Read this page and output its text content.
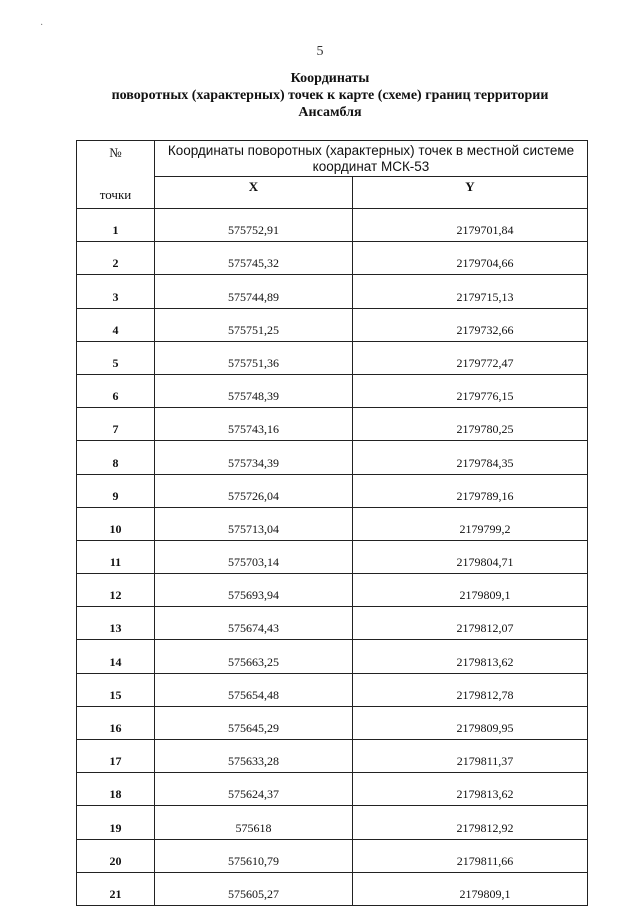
5
Координаты
поворотных (характерных) точек к карте (схеме) границ территории
Ансамбля
№
точки	Координаты поворотных (характерных) точек в местной системе координат МСК-53	
	X	Y
1	575752,91	2179701,84
2	575745,32	2179704,66
3	575744,89	2179715,13
4	575751,25	2179732,66
5	575751,36	2179772,47
6	575748,39	2179776,15
7	575743,16	2179780,25
8	575734,39	2179784,35
9	575726,04	2179789,16
10	575713,04	2179799,2
11	575703,14	2179804,71
12	575693,94	2179809,1
13	575674,43	2179812,07
14	575663,25	2179813,62
15	575654,48	2179812,78
16	575645,29	2179809,95
17	575633,28	2179811,37
18	575624,37	2179813,62
19	575618	2179812,92
20	575610,79	2179811,66
21	575605,27	2179809,1
·
